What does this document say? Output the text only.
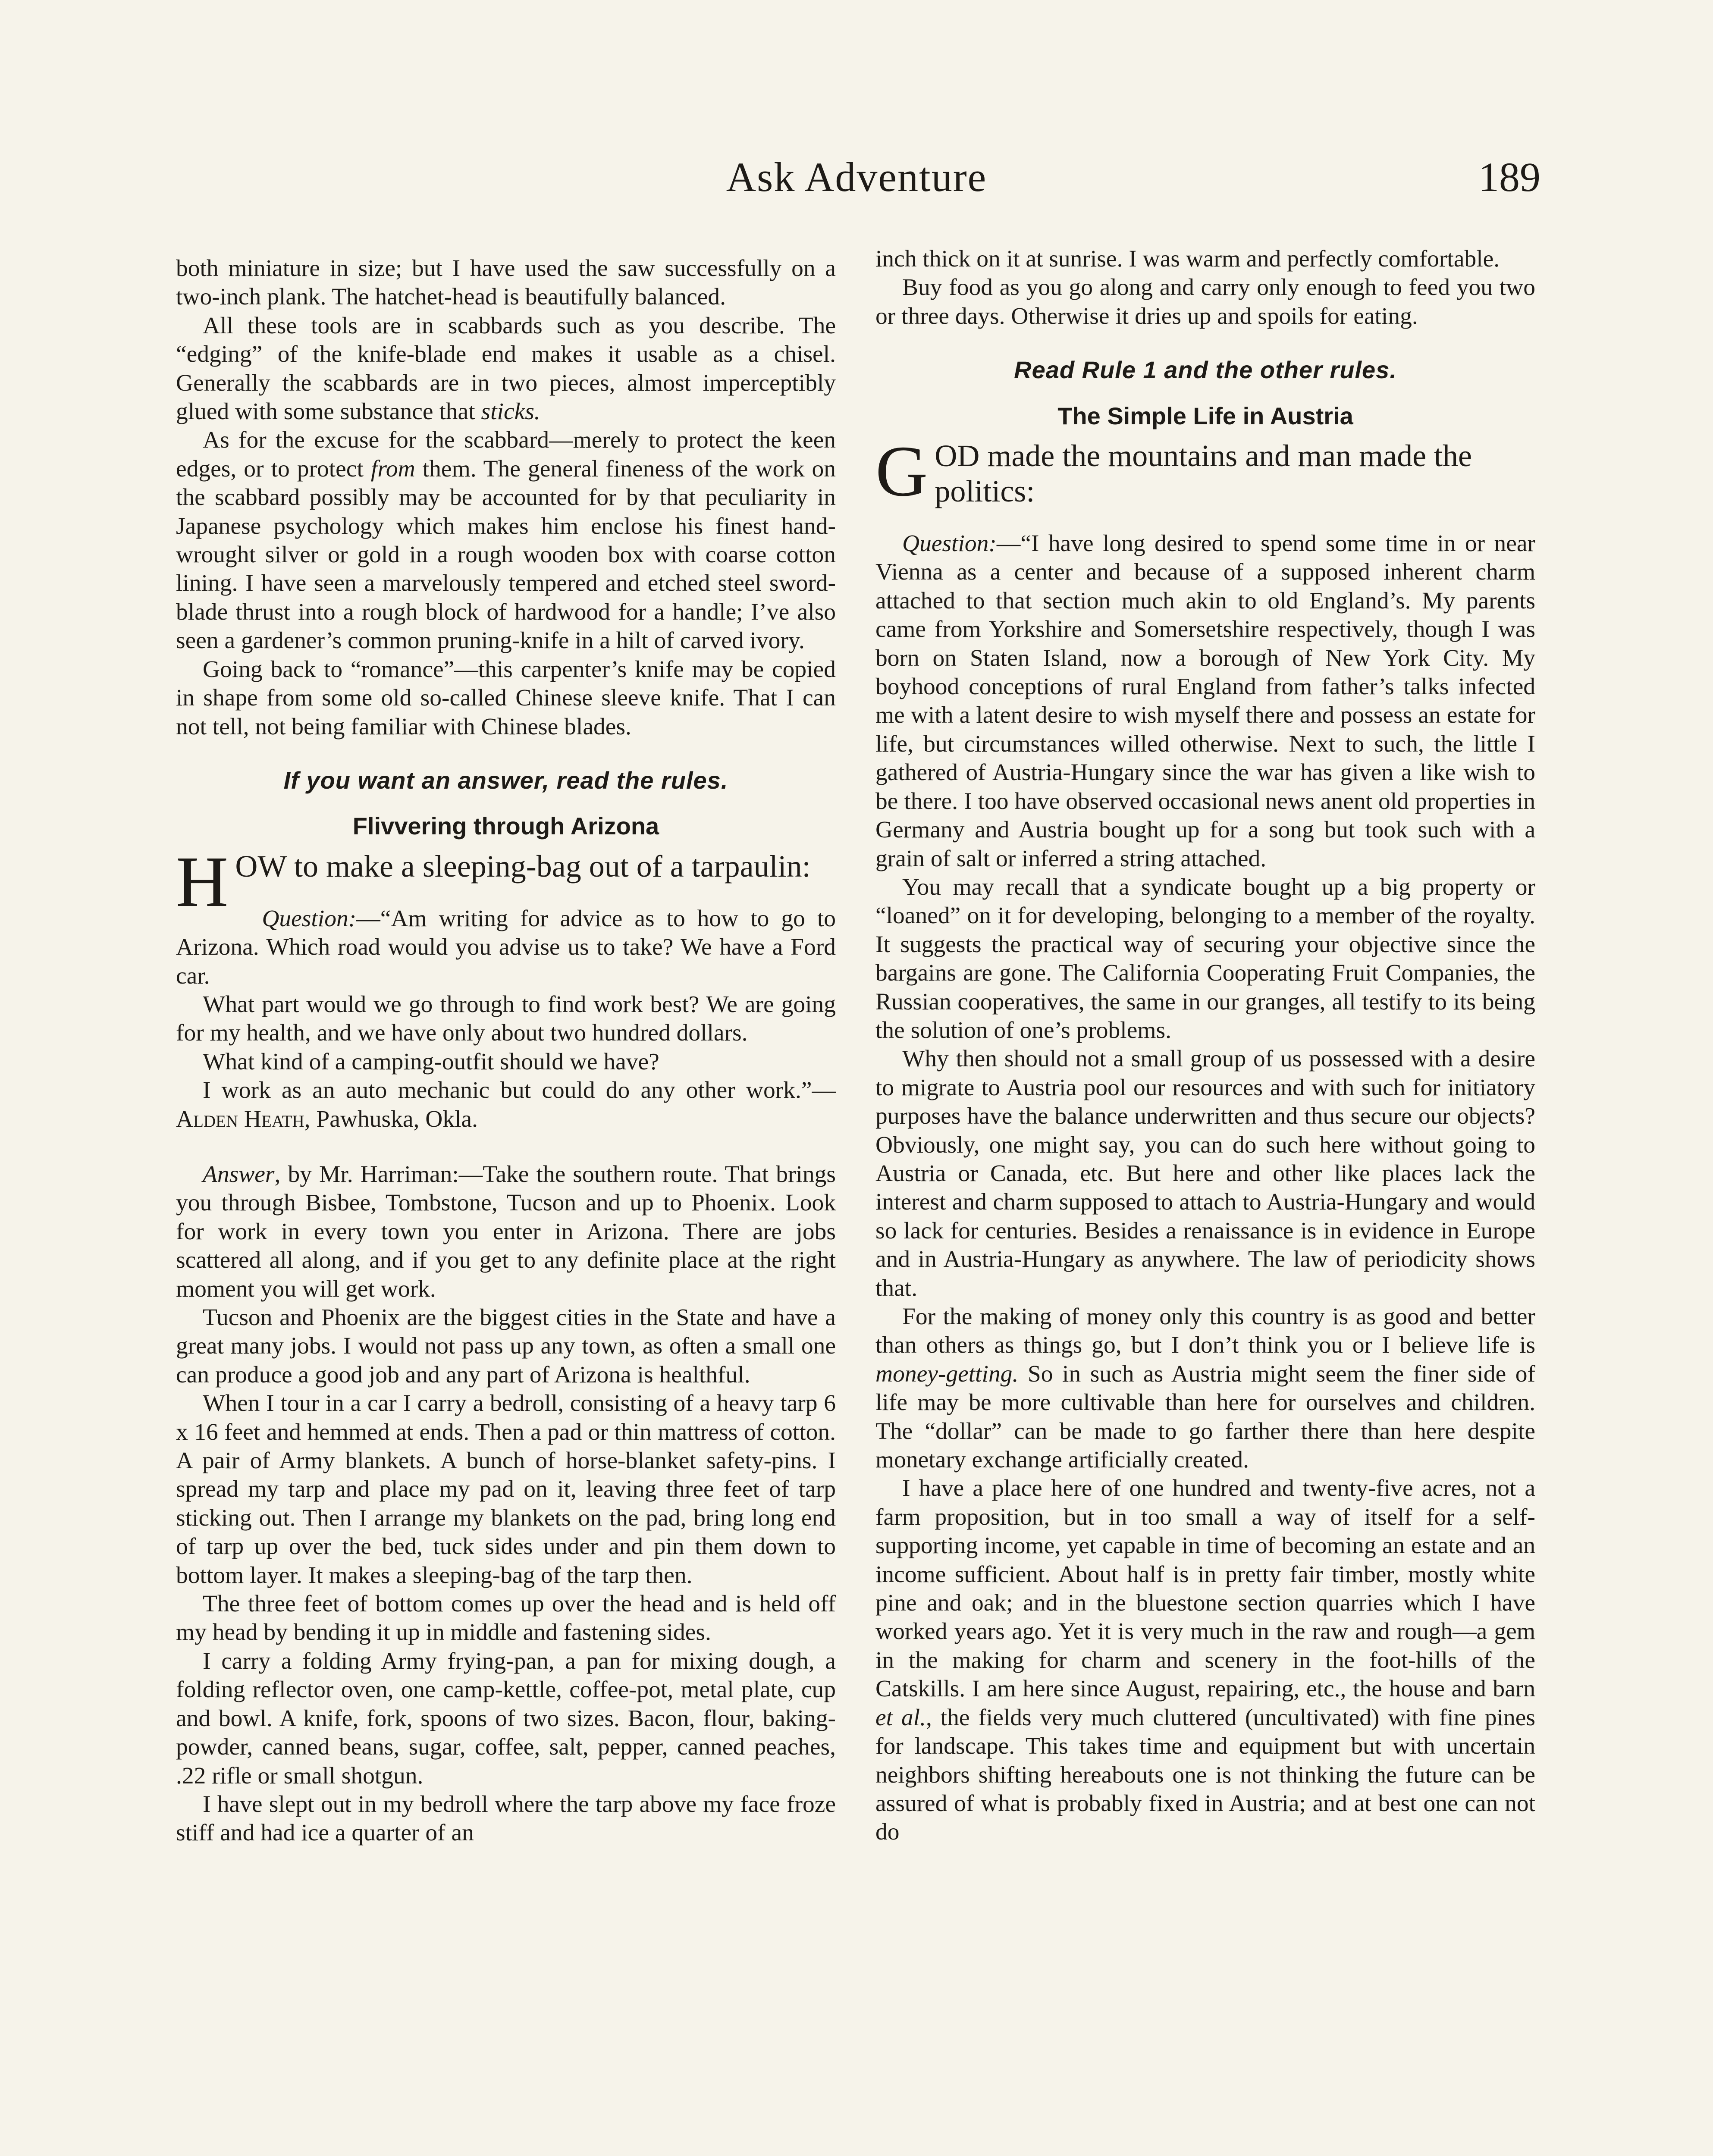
Ask Adventure	189

both miniature in size; but I have used the saw successfully on a two-inch plank. The hatchet-head is beautifully balanced.

All these tools are in scabbards such as you describe. The “edging” of the knife-blade end makes it usable as a chisel. Generally the scabbards are in two pieces, almost imperceptibly glued with some substance that sticks.

As for the excuse for the scabbard—merely to protect the keen edges, or to protect from them. The general fineness of the work on the scabbard possibly may be accounted for by that peculiarity in Japanese psychology which makes him enclose his finest hand-wrought silver or gold in a rough wooden box with coarse cotton lining. I have seen a marvelously tempered and etched steel sword-blade thrust into a rough block of hardwood for a handle; I’ve also seen a gardener’s common pruning-knife in a hilt of carved ivory.

Going back to “romance”—this carpenter’s knife may be copied in shape from some old so-called Chinese sleeve knife. That I can not tell, not being familiar with Chinese blades.

If you want an answer, read the rules.
Flivvering through Arizona
HOW to make a sleeping-bag out of a tarpaulin:

Question:—“Am writing for advice as to how to go to Arizona. Which road would you advise us to take? We have a Ford car.

What part would we go through to find work best? We are going for my health, and we have only about two hundred dollars.

What kind of a camping-outfit should we have?

I work as an auto mechanic but could do any other work.”—Alden Heath, Pawhuska, Okla.

Answer, by Mr. Harriman:—Take the southern route. That brings you through Bisbee, Tombstone, Tucson and up to Phoenix. Look for work in every town you enter in Arizona. There are jobs scattered all along, and if you get to any definite place at the right moment you will get work.

Tucson and Phoenix are the biggest cities in the State and have a great many jobs. I would not pass up any town, as often a small one can produce a good job and any part of Arizona is healthful.

When I tour in a car I carry a bedroll, consisting of a heavy tarp 6 x 16 feet and hemmed at ends. Then a pad or thin mattress of cotton. A pair of Army blankets. A bunch of horse-blanket safety-pins. I spread my tarp and place my pad on it, leaving three feet of tarp sticking out. Then I arrange my blankets on the pad, bring long end of tarp up over the bed, tuck sides under and pin them down to bottom layer. It makes a sleeping-bag of the tarp then.

The three feet of bottom comes up over the head and is held off my head by bending it up in middle and fastening sides.

I carry a folding Army frying-pan, a pan for mixing dough, a folding reflector oven, one camp-kettle, coffee-pot, metal plate, cup and bowl. A knife, fork, spoons of two sizes. Bacon, flour, baking-powder, canned beans, sugar, coffee, salt, pepper, canned peaches, .22 rifle or small shotgun.

I have slept out in my bedroll where the tarp above my face froze stiff and had ice a quarter of an

inch thick on it at sunrise. I was warm and perfectly comfortable.

Buy food as you go along and carry only enough to feed you two or three days. Otherwise it dries up and spoils for eating.

Read Rule 1 and the other rules.
The Simple Life in Austria
GOD made the mountains and man made the politics:

Question:—“I have long desired to spend some time in or near Vienna as a center and because of a supposed inherent charm attached to that section much akin to old England’s. My parents came from Yorkshire and Somersetshire respectively, though I was born on Staten Island, now a borough of New York City. My boyhood conceptions of rural England from father’s talks infected me with a latent desire to wish myself there and possess an estate for life, but circumstances willed otherwise. Next to such, the little I gathered of Austria-Hungary since the war has given a like wish to be there. I too have observed occasional news anent old properties in Germany and Austria bought up for a song but took such with a grain of salt or inferred a string attached.

You may recall that a syndicate bought up a big property or “loaned” on it for developing, belonging to a member of the royalty. It suggests the practical way of securing your objective since the bargains are gone. The California Cooperating Fruit Companies, the Russian cooperatives, the same in our granges, all testify to its being the solution of one’s problems.

Why then should not a small group of us possessed with a desire to migrate to Austria pool our resources and with such for initiatory purposes have the balance underwritten and thus secure our objects? Obviously, one might say, you can do such here without going to Austria or Canada, etc. But here and other like places lack the interest and charm supposed to attach to Austria-Hungary and would so lack for centuries. Besides a renaissance is in evidence in Europe and in Austria-Hungary as anywhere. The law of periodicity shows that.

For the making of money only this country is as good and better than others as things go, but I don’t think you or I believe life is money-getting. So in such as Austria might seem the finer side of life may be more cultivable than here for ourselves and children. The “dollar” can be made to go farther there than here despite monetary exchange artificially created.

I have a place here of one hundred and twenty-five acres, not a farm proposition, but in too small a way of itself for a self-supporting income, yet capable in time of becoming an estate and an income sufficient. About half is in pretty fair timber, mostly white pine and oak; and in the bluestone section quarries which I have worked years ago. Yet it is very much in the raw and rough—a gem in the making for charm and scenery in the foot-hills of the Catskills. I am here since August, repairing, etc., the house and barn et al., the fields very much cluttered (uncultivated) with fine pines for landscape. This takes time and equipment but with uncertain neighbors shifting hereabouts one is not thinking the future can be assured of what is probably fixed in Austria; and at best one can not do
